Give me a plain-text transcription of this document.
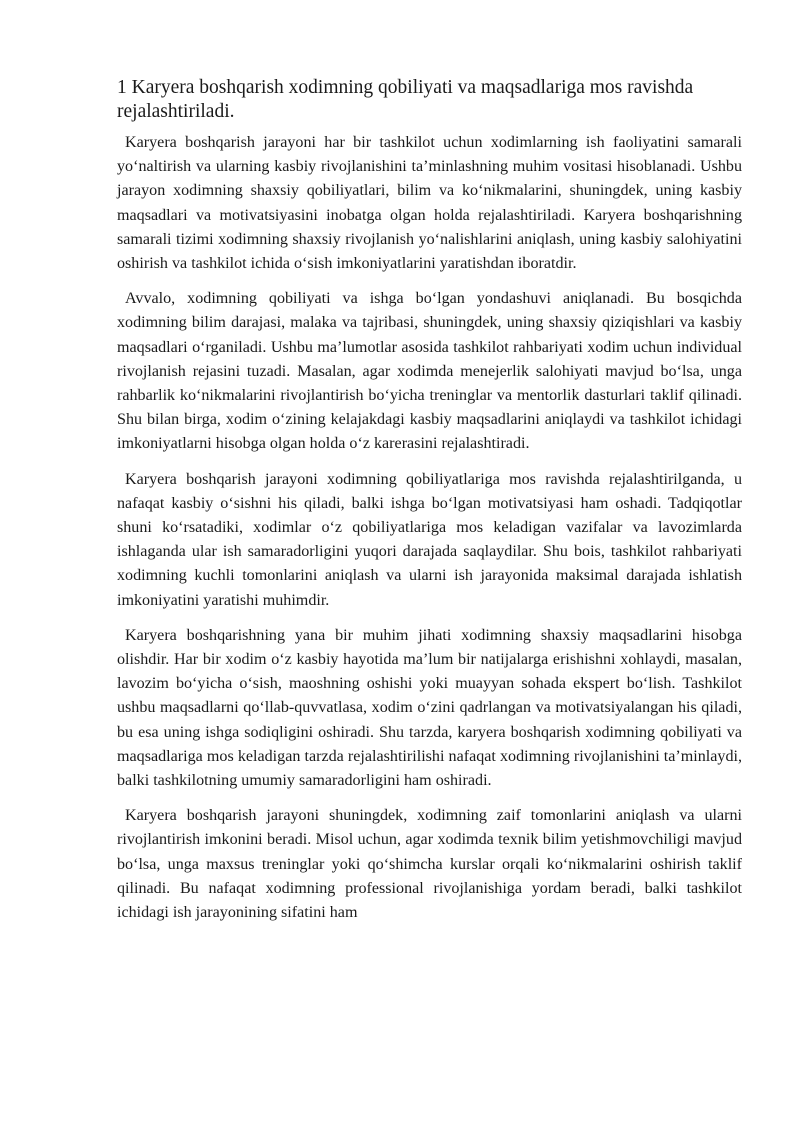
1 Karyera boshqarish xodimning qobiliyati va maqsadlariga mos ravishda rejalashtiriladi.

Karyera boshqarish jarayoni har bir tashkilot uchun xodimlarning ish faoliyatini samarali yo‘naltirish va ularning kasbiy rivojlanishini ta’minlashning muhim vositasi hisoblanadi. Ushbu jarayon xodimning shaxsiy qobiliyatlari, bilim va ko‘nikmalarini, shuningdek, uning kasbiy maqsadlari va motivatsiyasini inobatga olgan holda rejalashtiriladi. Karyera boshqarishning samarali tizimi xodimning shaxsiy rivojlanish yo‘nalishlarini aniqlash, uning kasbiy salohiyatini oshirish va tashkilot ichida o‘sish imkoniyatlarini yaratishdan iboratdir.

Avvalo, xodimning qobiliyati va ishga bo‘lgan yondashuvi aniqlanadi. Bu bosqichda xodimning bilim darajasi, malaka va tajribasi, shuningdek, uning shaxsiy qiziqishlari va kasbiy maqsadlari o‘rganiladi. Ushbu ma’lumotlar asosida tashkilot rahbariyati xodim uchun individual rivojlanish rejasini tuzadi. Masalan, agar xodimda menejerlik salohiyati mavjud bo‘lsa, unga rahbarlik ko‘nikmalarini rivojlantirish bo‘yicha treninglar va mentorlik dasturlari taklif qilinadi. Shu bilan birga, xodim o‘zining kelajakdagi kasbiy maqsadlarini aniqlaydi va tashkilot ichidagi imkoniyatlarni hisobga olgan holda o‘z karerasini rejalashtiradi.

Karyera boshqarish jarayoni xodimning qobiliyatlariga mos ravishda rejalashtirilganda, u nafaqat kasbiy o‘sishni his qiladi, balki ishga bo‘lgan motivatsiyasi ham oshadi. Tadqiqotlar shuni ko‘rsatadiki, xodimlar o‘z qobiliyatlariga mos keladigan vazifalar va lavozimlarda ishlaganda ular ish samaradorligini yuqori darajada saqlaydilar. Shu bois, tashkilot rahbariyati xodimning kuchli tomonlarini aniqlash va ularni ish jarayonida maksimal darajada ishlatish imkoniyatini yaratishi muhimdir.

Karyera boshqarishning yana bir muhim jihati xodimning shaxsiy maqsadlarini hisobga olishdir. Har bir xodim o‘z kasbiy hayotida ma’lum bir natijalarga erishishni xohlaydi, masalan, lavozim bo‘yicha o‘sish, maoshning oshishi yoki muayyan sohada ekspert bo‘lish. Tashkilot ushbu maqsadlarni qo‘llab-quvvatlasa, xodim o‘zini qadrlangan va motivatsiyalangan his qiladi, bu esa uning ishga sodiqligini oshiradi. Shu tarzda, karyera boshqarish xodimning qobiliyati va maqsadlariga mos keladigan tarzda rejalashtirilishi nafaqat xodimning rivojlanishini ta’minlaydi, balki tashkilotning umumiy samaradorligini ham oshiradi.

Karyera boshqarish jarayoni shuningdek, xodimning zaif tomonlarini aniqlash va ularni rivojlantirish imkonini beradi. Misol uchun, agar xodimda texnik bilim yetishmovchiligi mavjud bo‘lsa, unga maxsus treninglar yoki qo‘shimcha kurslar orqali ko‘nikmalarini oshirish taklif qilinadi. Bu nafaqat xodimning professional rivojlanishiga yordam beradi, balki tashkilot ichidagi ish jarayonining sifatini ham
